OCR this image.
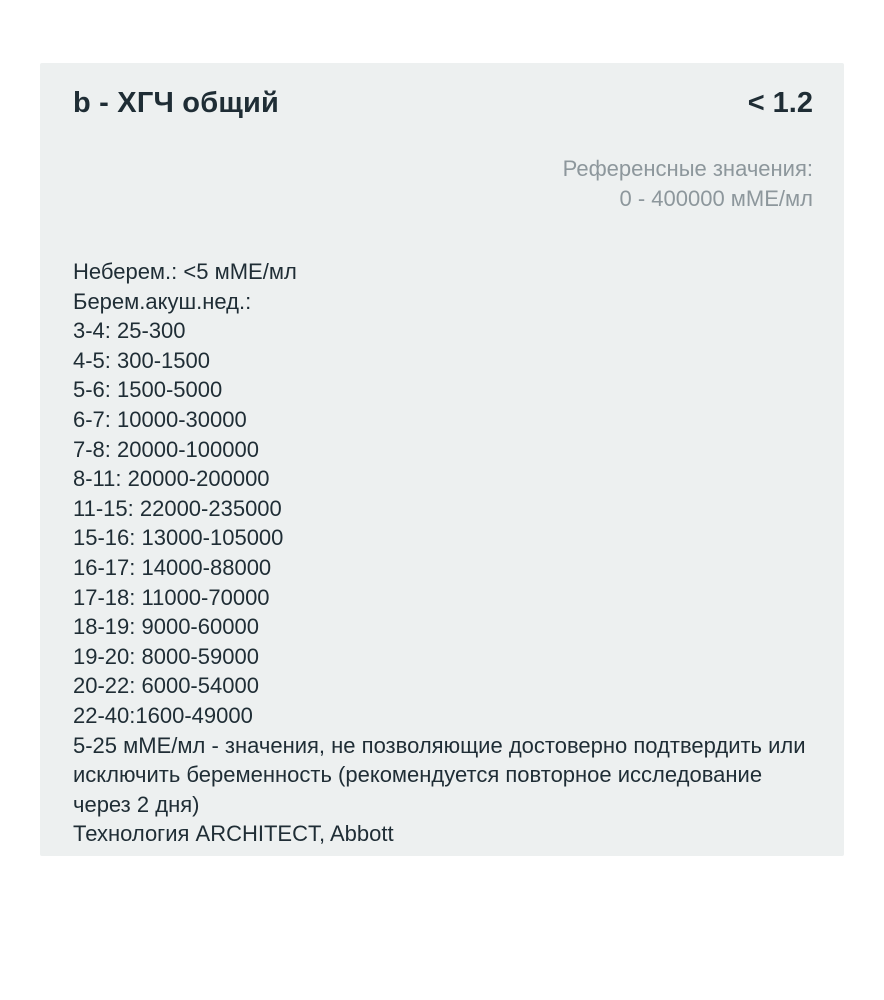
b - ХГЧ общий	< 1.2
Референсные значения:
0 - 400000 мМЕ/мл
Неберем.: <5 мМЕ/мл
Берем.акуш.нед.:
3-4: 25-300
4-5: 300-1500
5-6: 1500-5000
6-7: 10000-30000
7-8: 20000-100000
8-11: 20000-200000
11-15: 22000-235000
15-16: 13000-105000
16-17: 14000-88000
17-18: 11000-70000
18-19: 9000-60000
19-20: 8000-59000
20-22: 6000-54000
22-40:1600-49000
5-25 мМЕ/мл - значения, не позволяющие достоверно подтвердить или исключить беременность (рекомендуется повторное исследование через 2 дня)
Технология ARCHITECT, Abbott
